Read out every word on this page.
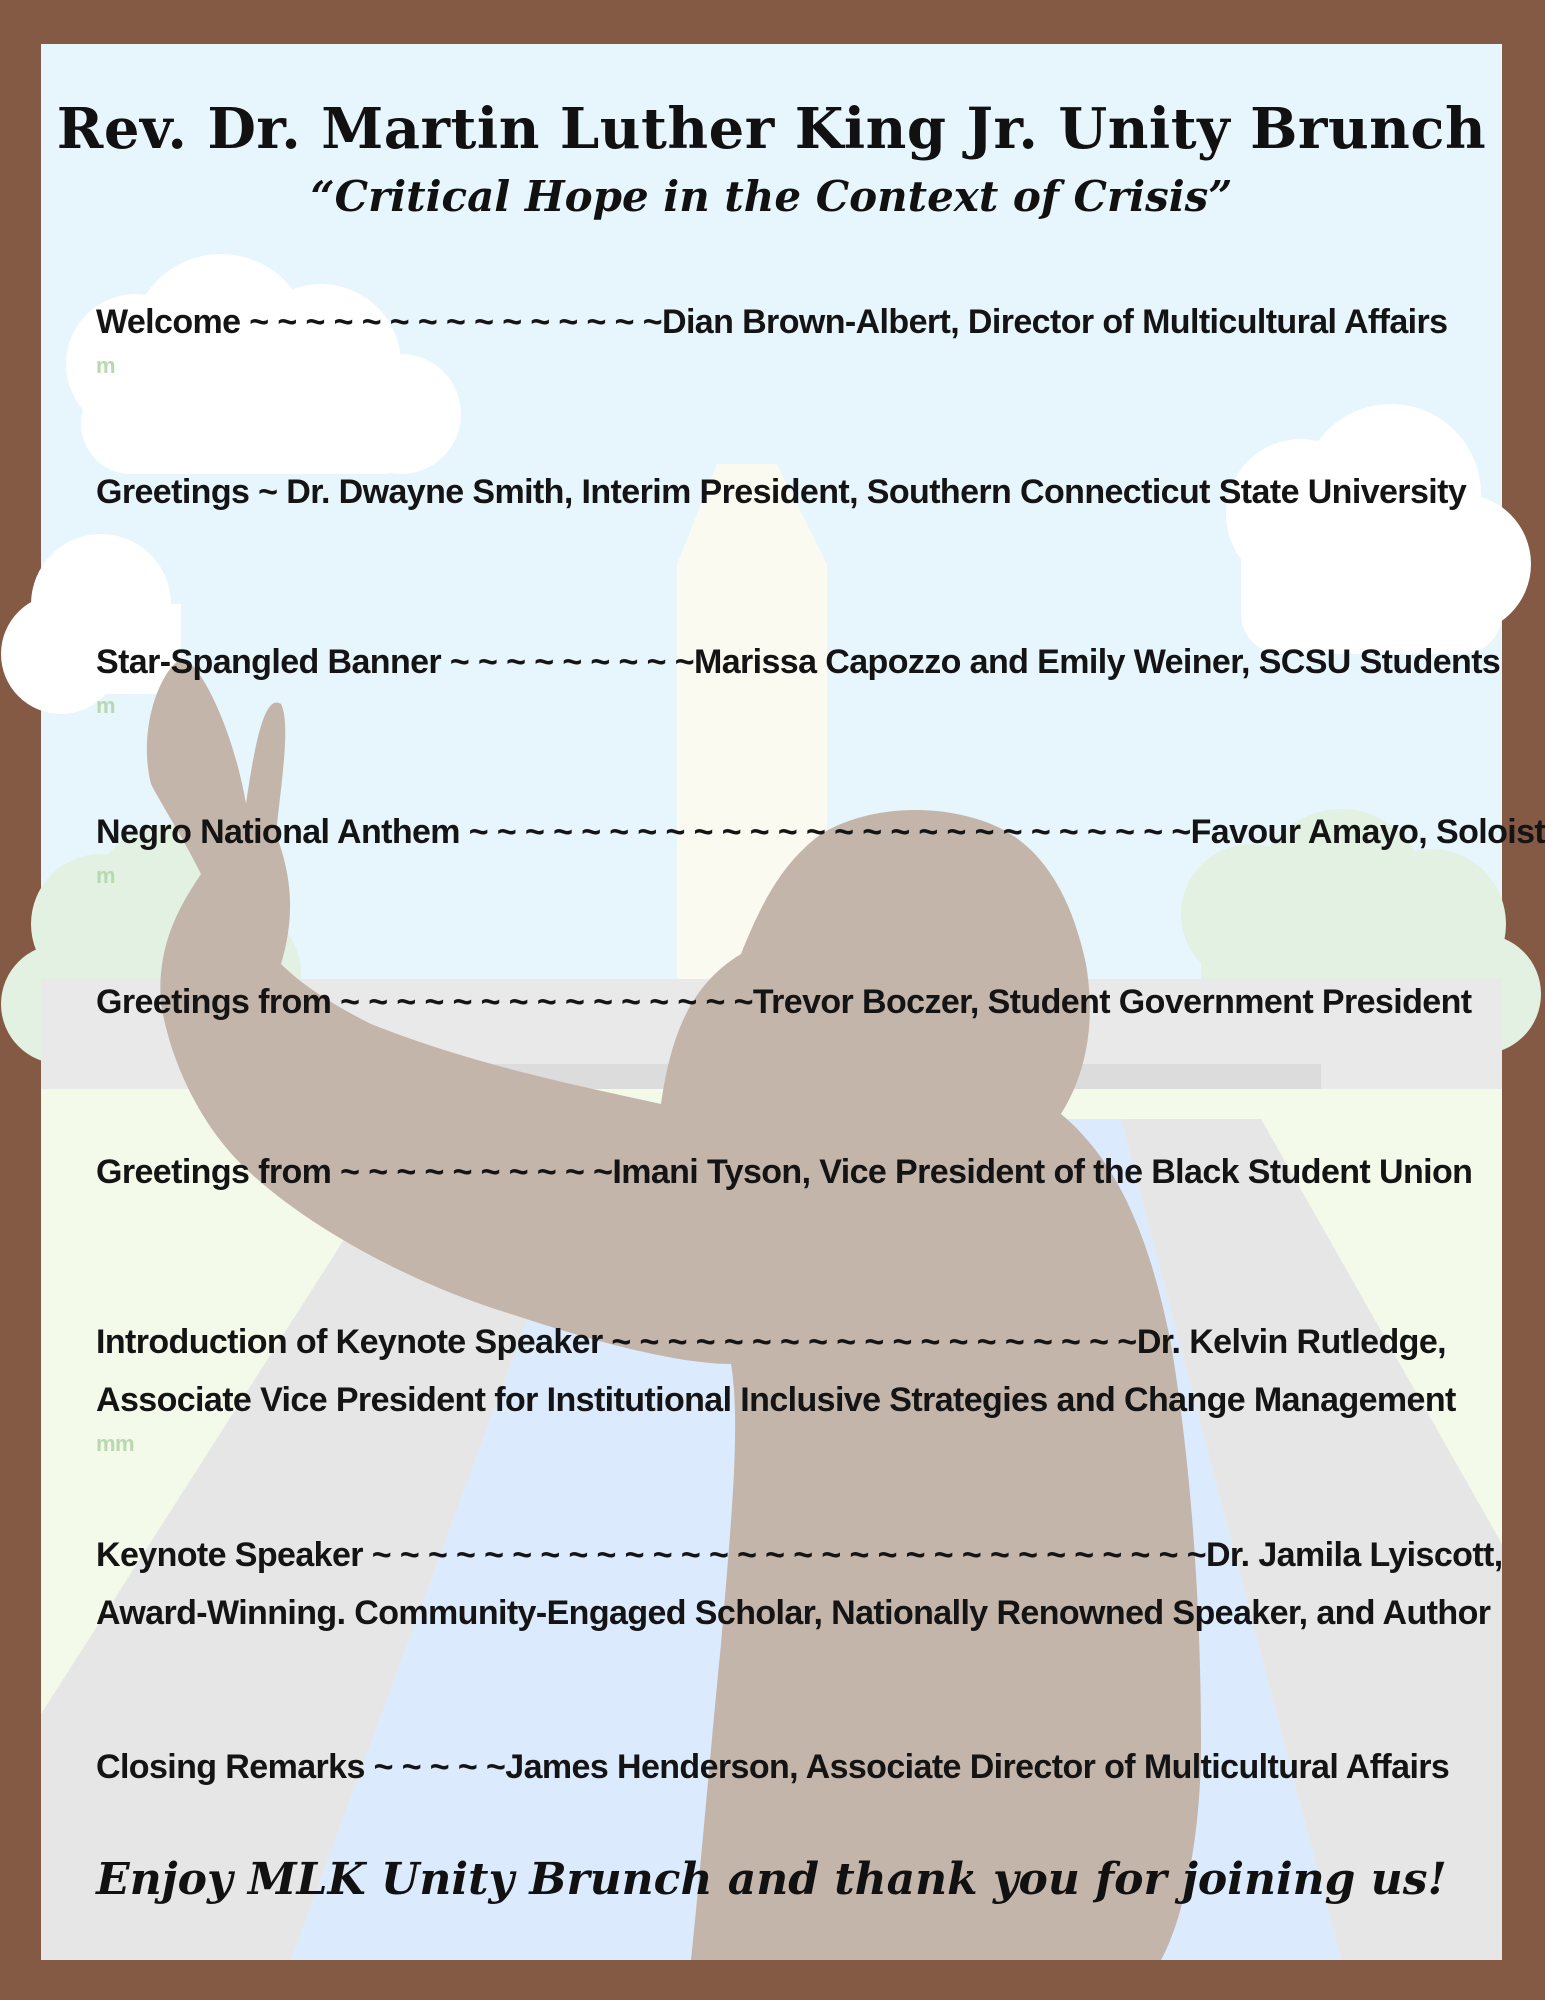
Rev. Dr. Martin Luther King Jr. Unity Brunch
“Critical Hope in the Context of Crisis”
Welcome ~ ~ ~ ~ ~ ~ ~ ~ ~ ~ ~ ~ ~ ~ ~ Dian Brown-Albert, Director of Multicultural Affairs
m
Greetings ~ Dr. Dwayne Smith, Interim President, Southern Connecticut State University
Star-Spangled Banner ~ ~ ~ ~ ~ ~ ~ ~ ~ Marissa Capozzo and Emily Weiner, SCSU Students
m
Negro National Anthem ~ ~ ~ ~ ~ ~ ~ ~ ~ ~ ~ ~ ~ ~ ~ ~ ~ ~ ~ ~ ~ ~ ~ ~ ~ ~ Favour Amayo, Soloist
m
Greetings from ~ ~ ~ ~ ~ ~ ~ ~ ~ ~ ~ ~ ~ ~ ~ Trevor Boczer, Student Government President
Greetings from ~ ~ ~ ~ ~ ~ ~ ~ ~ ~ Imani Tyson, Vice President of the Black Student Union
Introduction of Keynote Speaker ~ ~ ~ ~ ~ ~ ~ ~ ~ ~ ~ ~ ~ ~ ~ ~ ~ ~ ~ Dr. Kelvin Rutledge,
Associate Vice President for Institutional Inclusive Strategies and Change Management
mm
Keynote Speaker ~ ~ ~ ~ ~ ~ ~ ~ ~ ~ ~ ~ ~ ~ ~ ~ ~ ~ ~ ~ ~ ~ ~ ~ ~ ~ ~ ~ ~ ~ Dr. Jamila Lyiscott,
Award-Winning. Community-Engaged Scholar, Nationally Renowned Speaker, and Author
Closing Remarks ~ ~ ~ ~ ~ James Henderson, Associate Director of Multicultural Affairs
Enjoy MLK Unity Brunch and thank you for joining us!
